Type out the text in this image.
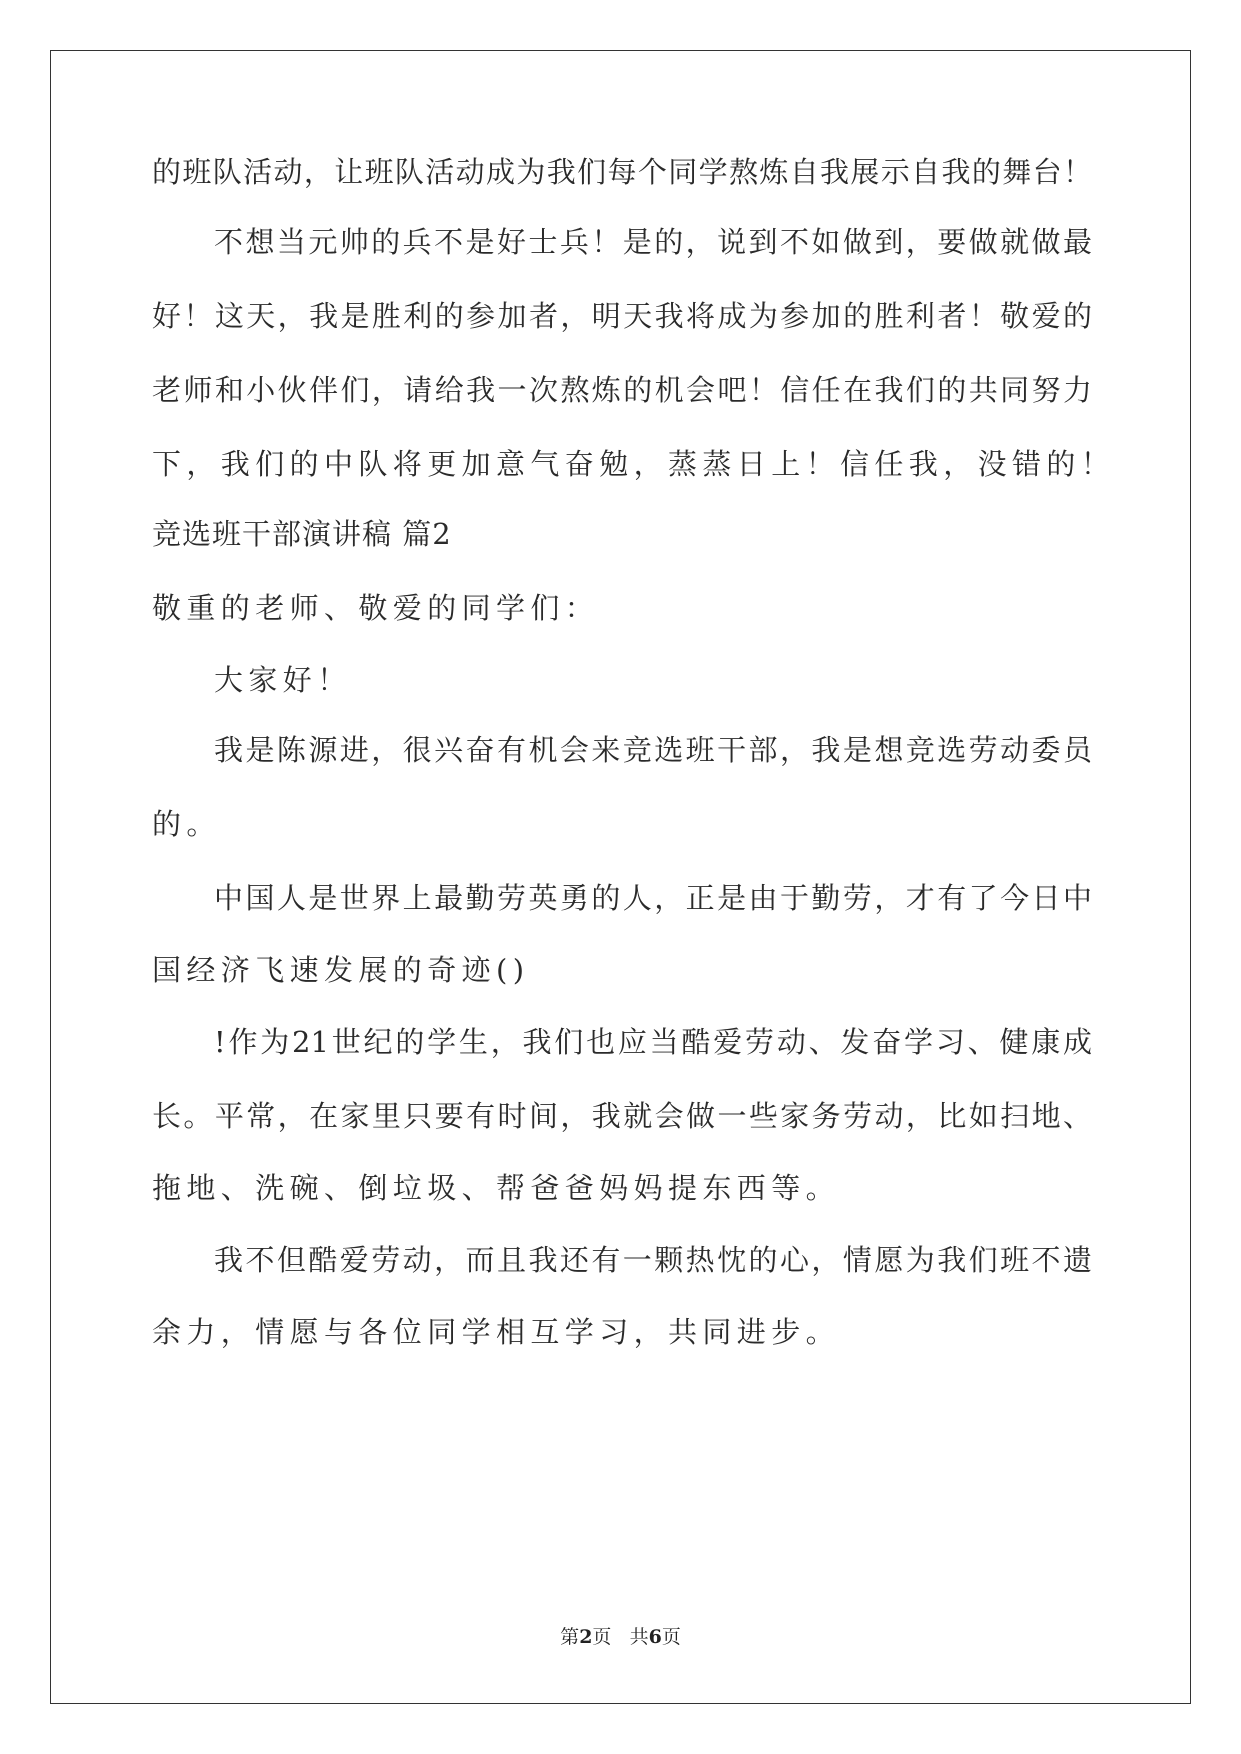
的班队活动，让班队活动成为我们每个同学熬炼自我展示自我的舞台！
不想当元帅的兵不是好士兵！是的，说到不如做到，要做就做最
好！这天，我是胜利的参加者，明天我将成为参加的胜利者！敬爱的
老师和小伙伴们，请给我一次熬炼的机会吧！信任在我们的共同努力
下，我们的中队将更加意气奋勉，蒸蒸日上！信任我，没错的！
竞选班干部演讲稿 篇2
敬重的老师、敬爱的同学们：
大家好！
我是陈源进，很兴奋有机会来竞选班干部，我是想竞选劳动委员
的。
中国人是世界上最勤劳英勇的人，正是由于勤劳，才有了今日中
国经济飞速发展的奇迹()
!作为21世纪的学生，我们也应当酷爱劳动、发奋学习、健康成
长。平常，在家里只要有时间，我就会做一些家务劳动，比如扫地、
拖地、洗碗、倒垃圾、帮爸爸妈妈提东西等。
我不但酷爱劳动，而且我还有一颗热忱的心，情愿为我们班不遗
余力，情愿与各位同学相互学习，共同进步。
第2页 共6页
